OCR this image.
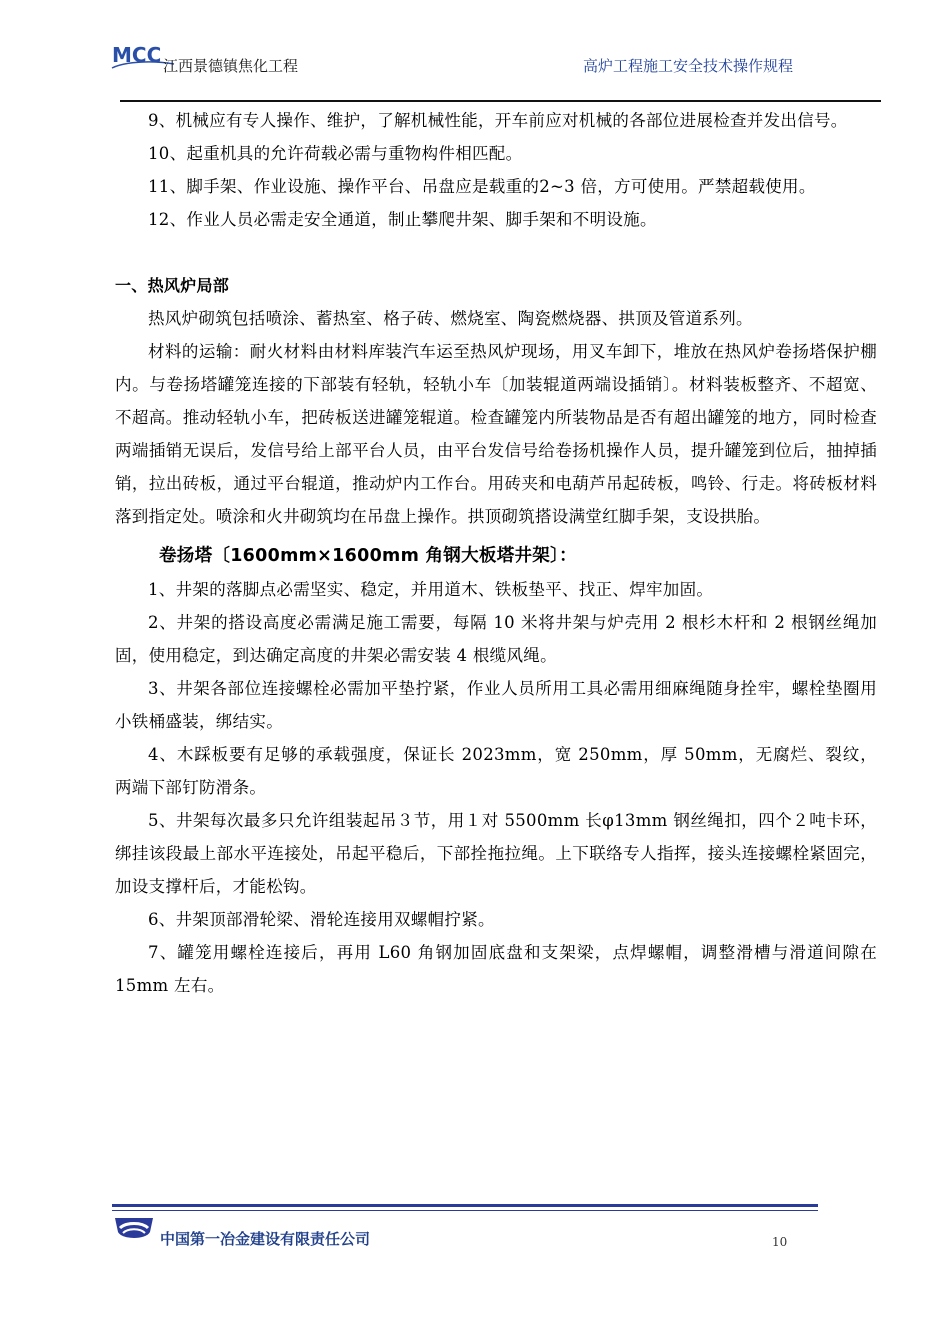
MCC 江西景德镇焦化工程	高炉工程施工安全技术操作规程

9、机械应有专人操作、维护，了解机械性能，开车前应对机械的各部位进展检查并发出信号。

10、起重机具的允许荷载必需与重物构件相匹配。

11、脚手架、作业设施、操作平台、吊盘应是载重的2~3 倍，方可使用。严禁超载使用。

12、作业人员必需走安全通道，制止攀爬井架、脚手架和不明设施。

一、热风炉局部

热风炉砌筑包括喷涂、蓄热室、格子砖、燃烧室、陶瓷燃烧器、拱顶及管道系列。

材料的运输：耐火材料由材料库装汽车运至热风炉现场，用叉车卸下，堆放在热风炉卷扬塔保护棚内。与卷扬塔罐笼连接的下部装有轻轨，轻轨小车〔加装辊道两端设插销〕。材料装板整齐、不超宽、不超高。推动轻轨小车，把砖板送进罐笼辊道。检查罐笼内所装物品是否有超出罐笼的地方，同时检查两端插销无误后，发信号给上部平台人员，由平台发信号给卷扬机操作人员，提升罐笼到位后，抽掉插销，拉出砖板，通过平台辊道，推动炉内工作台。用砖夹和电葫芦吊起砖板，鸣铃、行走。将砖板材料落到指定处。喷涂和火井砌筑均在吊盘上操作。拱顶砌筑搭设满堂红脚手架，支设拱胎。

卷扬塔〔1600mm×1600mm 角钢大板塔井架〕：

1、井架的落脚点必需坚实、稳定，并用道木、铁板垫平、找正、焊牢加固。

2、井架的搭设高度必需满足施工需要，每隔 10 米将井架与炉壳用 2 根杉木杆和 2 根钢丝绳加固，使用稳定，到达确定高度的井架必需安装 4 根缆风绳。

3、井架各部位连接螺栓必需加平垫拧紧，作业人员所用工具必需用细麻绳随身拴牢，螺栓垫圈用小铁桶盛装，绑结实。

4、木踩板要有足够的承载强度，保证长 2023mm，宽 250mm，厚 50mm，无腐烂、裂纹， 两端下部钉防滑条。

5、井架每次最多只允许组装起吊３节，用１对 5500mm 长φ13mm 钢丝绳扣，四个２吨卡环，绑挂该段最上部水平连接处，吊起平稳后，下部拴拖拉绳。上下联络专人指挥，接头连接螺栓紧固完，加设支撑杆后，才能松钩。

6、井架顶部滑轮梁、滑轮连接用双螺帽拧紧。

7、罐笼用螺栓连接后，再用 L60 角钢加固底盘和支架梁，点焊螺帽，调整滑槽与滑道间隙在 15mm 左右。

中国第一冶金建设有限责任公司	10
